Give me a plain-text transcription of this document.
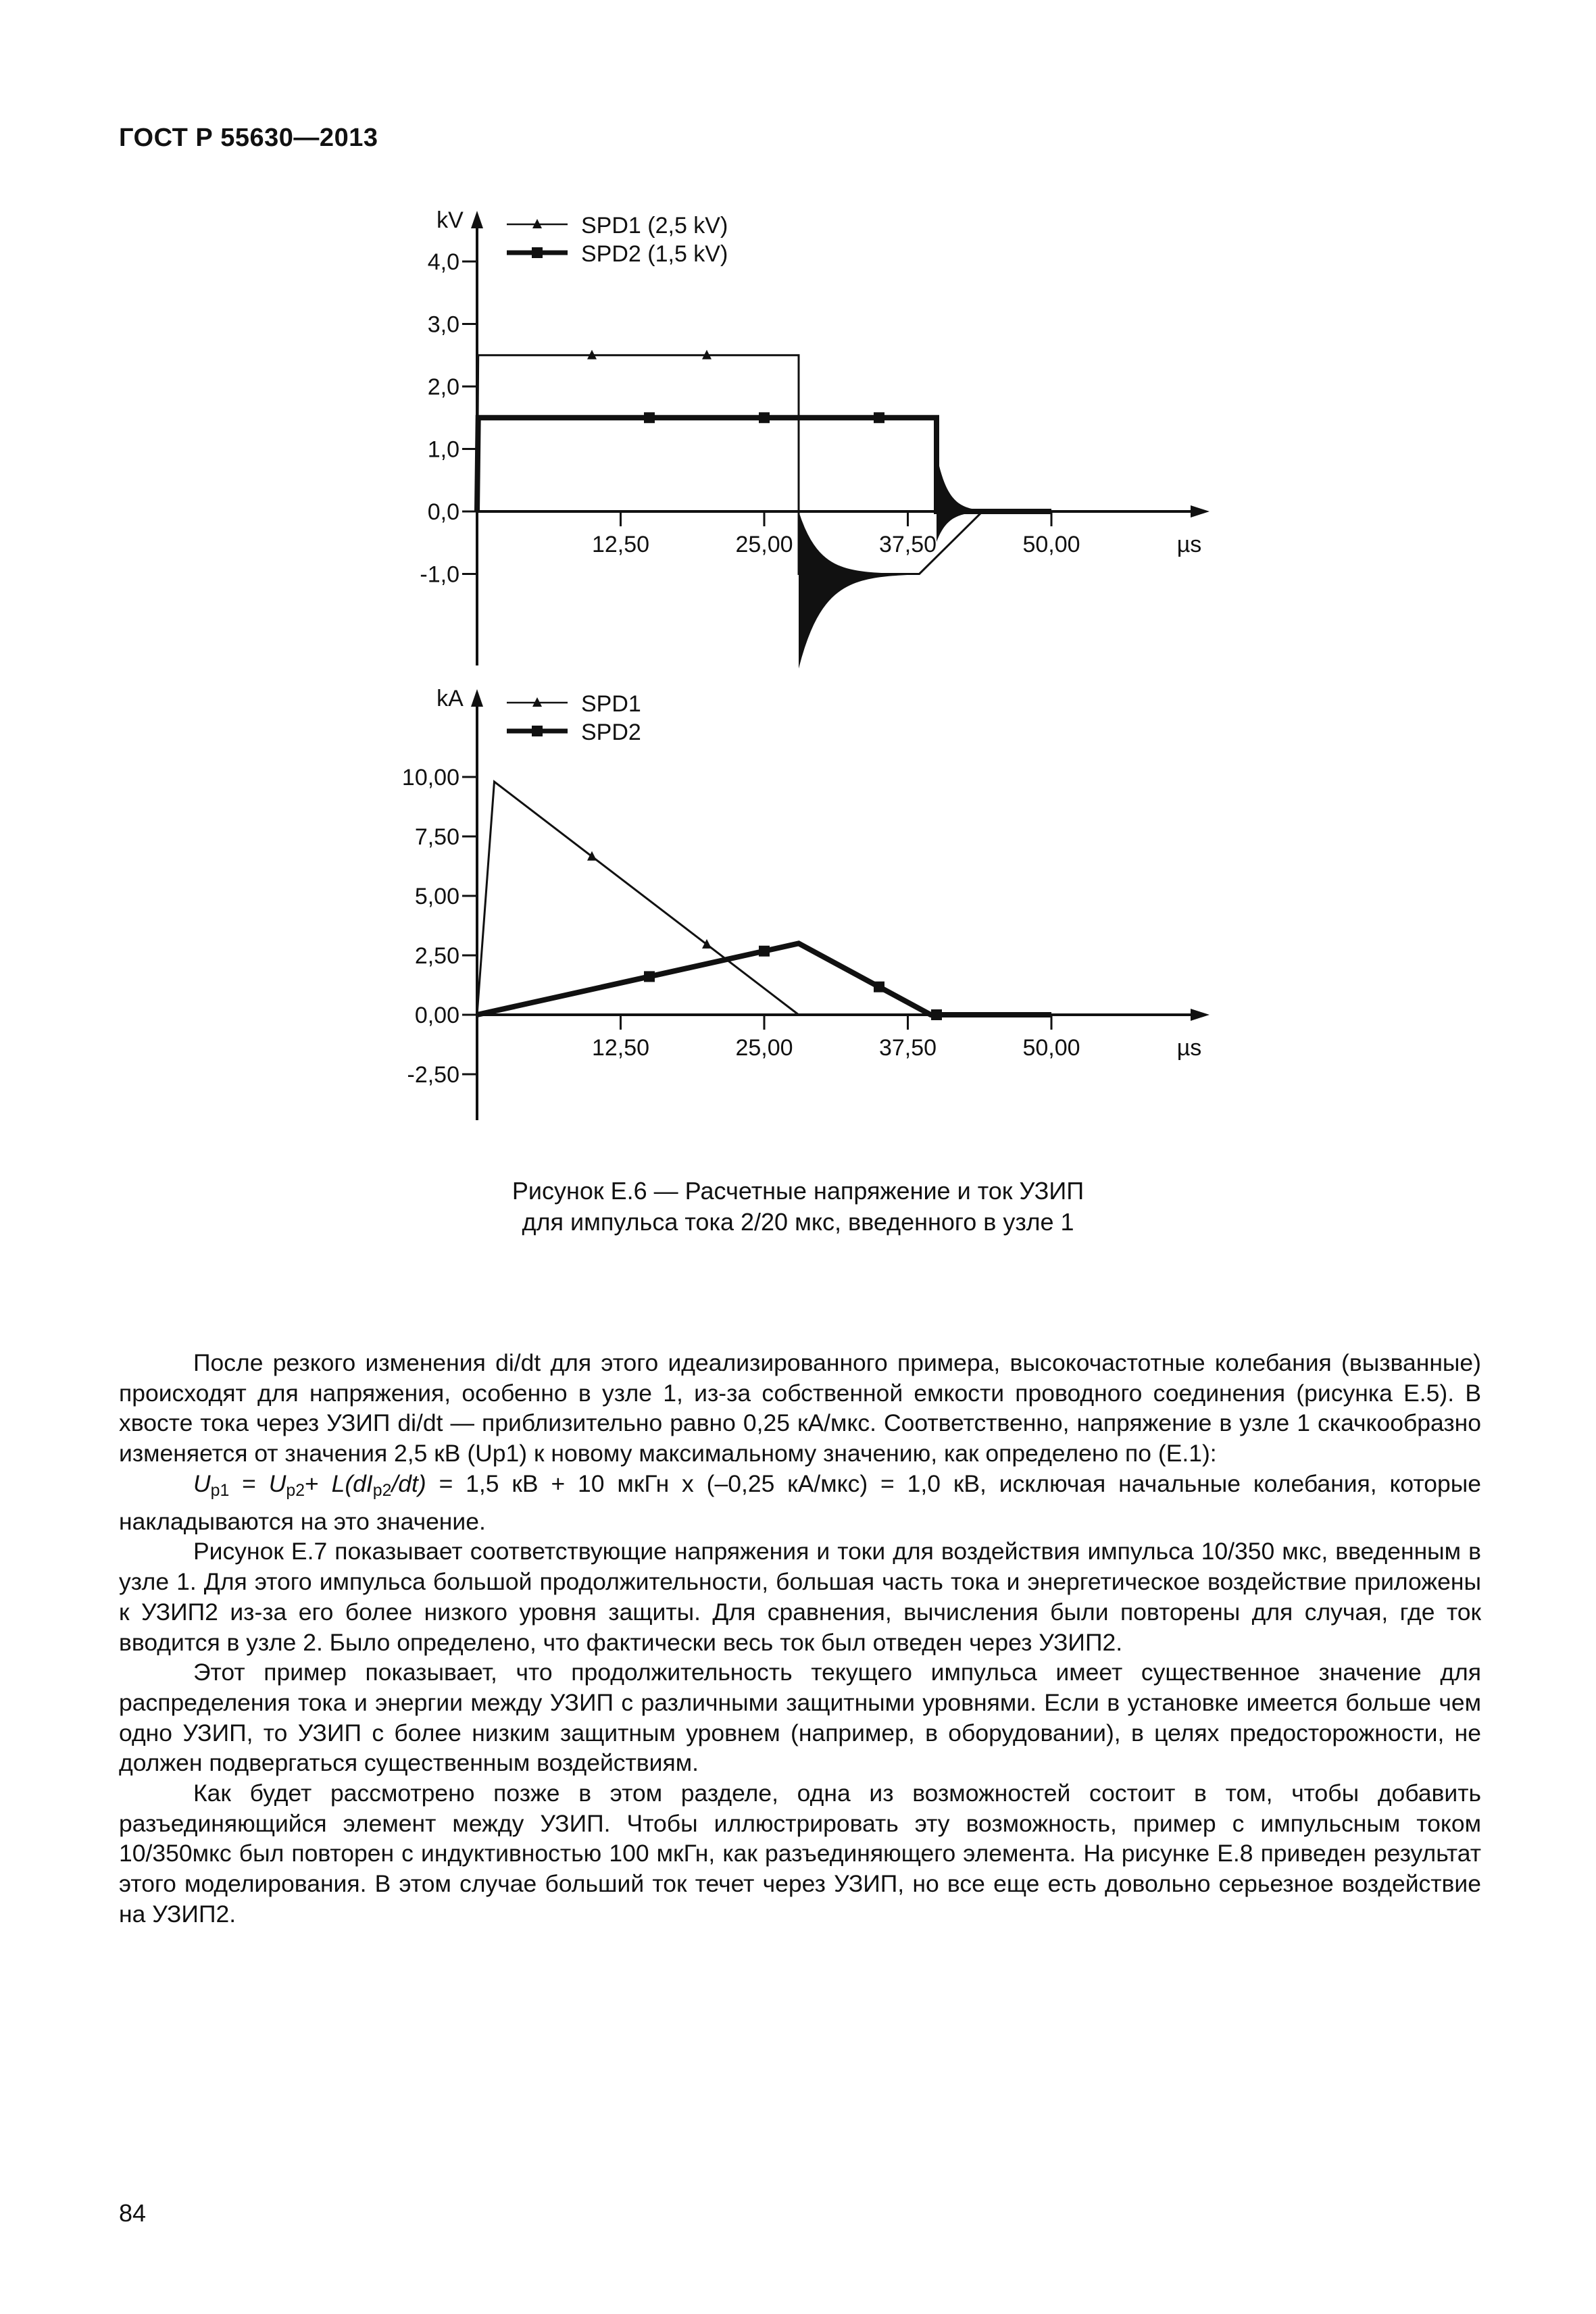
ГОСТ Р 55630—2013
kV
µs
4,0
3,0
2,0
1,0
0,0
-1,0
12,50	25,00	37,50	50,00
SPD1 (2,5 kV)
SPD2 (1,5 kV)
kA
µs
10,00
7,50
5,00
2,50
0,00
-2,50
12,50	25,00	37,50	50,00
SPD1
SPD2
Рисунок Е.6 — Расчетные напряжение и ток УЗИП
для импульса тока 2/20 мкс, введенного в узле 1

После резкого изменения di/dt для этого идеализированного примера, высокочастотные колебания (вызванные) происходят для напряжения, особенно в узле 1, из-за собственной емкости проводного соединения (рисунка Е.5). В хвосте тока через УЗИП di/dt — приблизительно равно 0,25 кА/мкс. Соответственно, напряжение в узле 1 скачкообразно изменяется от значения 2,5 кВ (Up1) к новому максимальному значению, как определено по (Е.1):

$U_{p1} = U_{p2}+ L(dI_{p2}/dt) = 1,5$ кВ + 10 мкГн x (–0,25 кА/мкс) = 1,0 кВ, исключая начальные колебания, которые накладываются на это значение.

Рисунок Е.7 показывает соответствующие напряжения и токи для воздействия импульса 10/350 мкс, введенным в узле 1. Для этого импульса большой продолжительности, большая часть тока и энергетическое воздействие приложены к УЗИП2 из-за его более низкого уровня защиты. Для сравнения, вычисления были повторены для случая, где ток вводится в узле 2. Было определено, что фактически весь ток был отведен через УЗИП2.

Этот пример показывает, что продолжительность текущего импульса имеет существенное значение для распределения тока и энергии между УЗИП с различными защитными уровнями. Если в установке имеется больше чем одно УЗИП, то УЗИП с более низким защитным уровнем (например, в оборудовании), в целях предосторожности, не должен подвергаться существенным воздействиям.

Как будет рассмотрено позже в этом разделе, одна из возможностей состоит в том, чтобы добавить разъединяющийся элемент между УЗИП. Чтобы иллюстрировать эту возможность, пример с импульсным током 10/350мкс был повторен с индуктивностью 100 мкГн, как разъединяющего элемента. На рисунке Е.8 приведен результат этого моделирования. В этом случае больший ток течет через УЗИП, но все еще есть довольно серьезное воздействие на УЗИП2.

84
